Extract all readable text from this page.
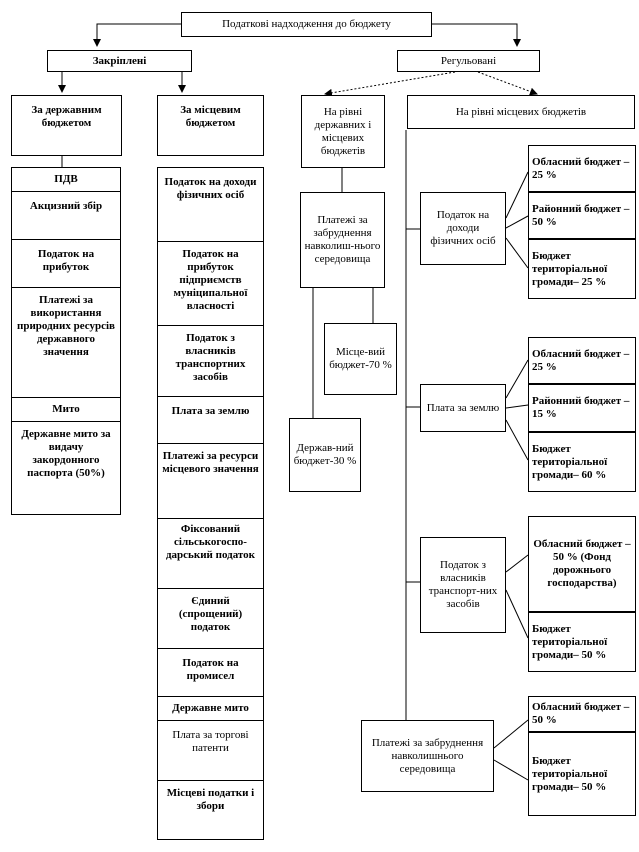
Податкові надходження до бюджету
Закріплені	Регульовані
За державним бюджетом
За місцевим бюджетом
На рівні державних і місцевих бюджетів
На рівні місцевих бюджетів
ПДВ
Акцизний збір
Податок на прибуток
Платежі за використання природних ресурсів державного значення
Мито
Державне мито за видачу закордонного паспорта (50%)
Податок на доходи фізичних осіб
Податок на прибуток підприємств муніципальної власності
Податок з власників транспортних засобів
Плата за землю
Платежі за ресурси місцевого значення
Фіксований сільськогоспо-дарський податок
Єдиний (спрощений) податок
Податок на промисел
Державне мито
Плата за торгові патенти
Місцеві податки і збори
Платежі за забруднення навколиш-нього середовища
Місце-вий бюджет-70 %
Держав-ний бюджет-30 %
Податок на доходи фізичних осіб
Плата за землю
Податок з власників транспорт-них засобів
Платежі за забруднення навколишнього середовища
Обласний бюджет – 25 %
Районний бюджет – 50 %
Бюджет територіальної громади– 25 %
Обласний бюджет – 25 %
Районний бюджет – 15 %
Бюджет територіальної громади– 60 %
Обласний бюджет – 50 % (Фонд дорожнього господарства)
Бюджет територіальної громади– 50 %
Обласний бюджет – 50 %
Бюджет територіальної громади– 50 %
